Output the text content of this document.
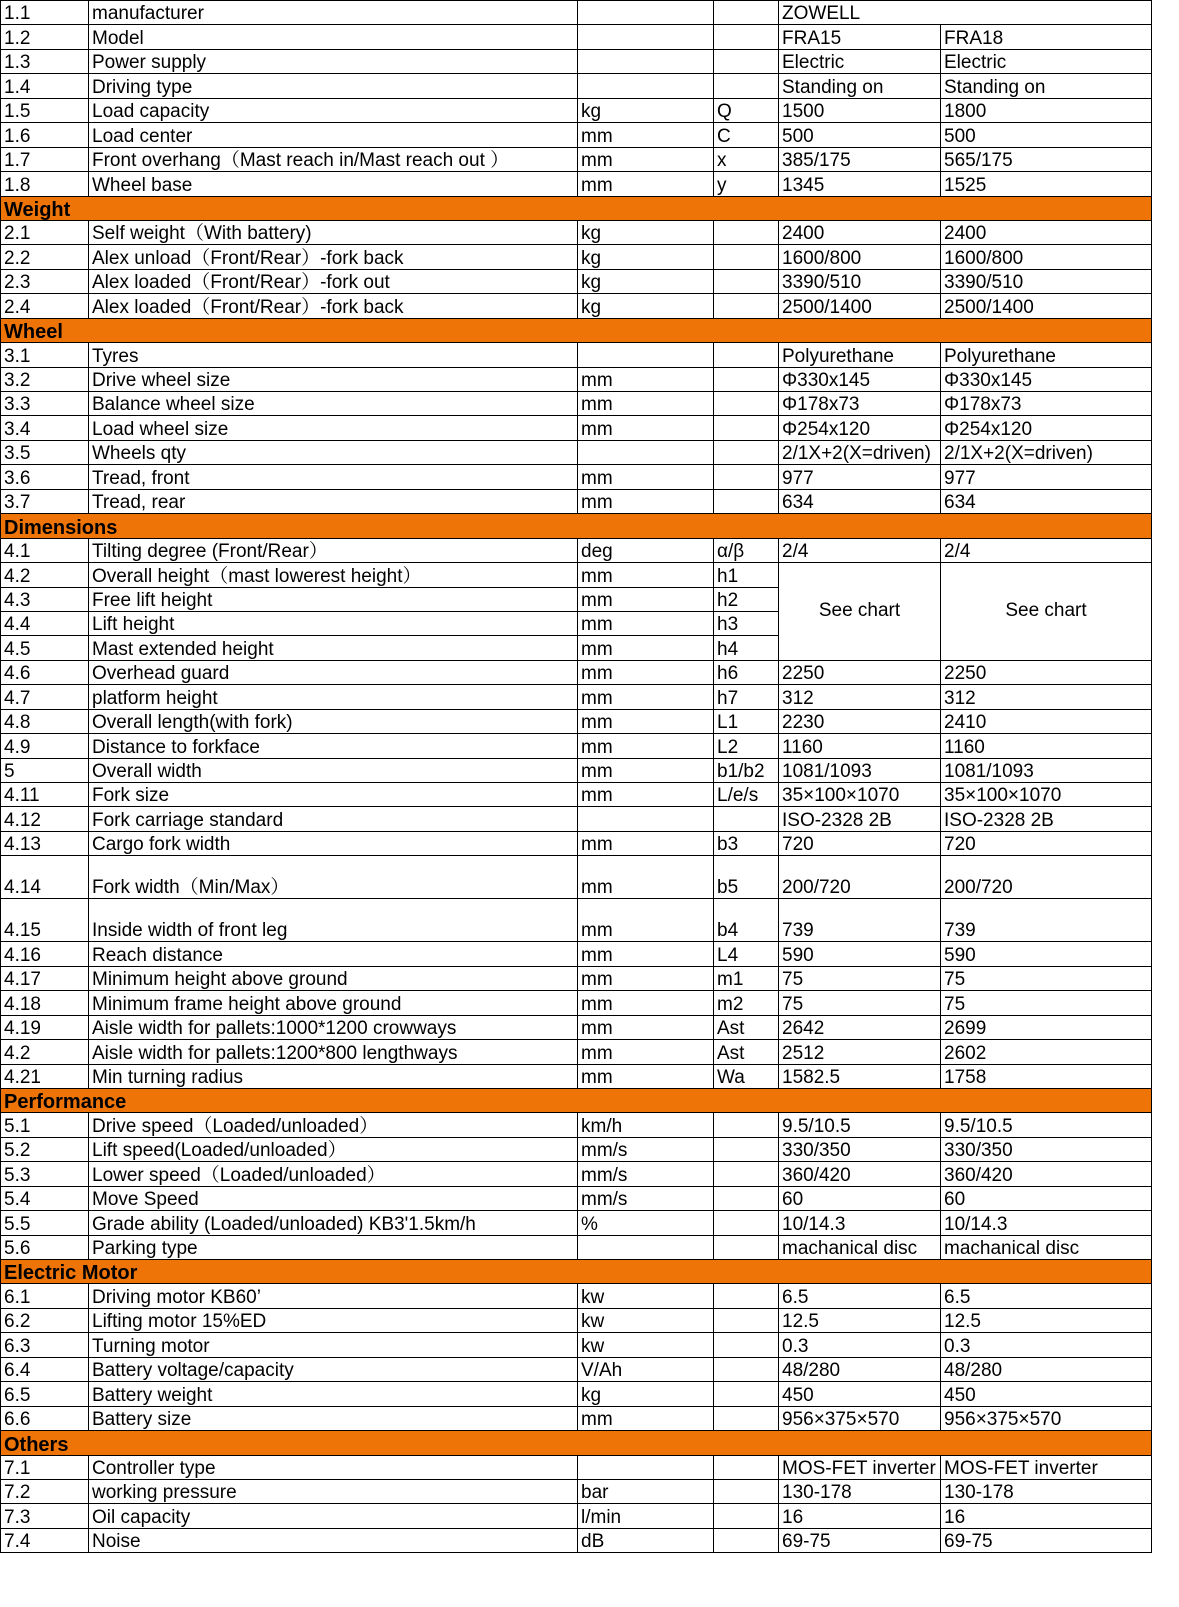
1.1	manufacturer			ZOWELL	
1.2	Model			FRA15	FRA18
1.3	Power supply			Electric	Electric
1.4	Driving type			Standing on	Standing on
1.5	Load capacity	kg	Q	1500	1800
1.6	Load center	mm	C	500	500
1.7	Front overhang（Mast reach in/Mast reach out ）	mm	x	385/175	565/175
1.8	Wheel base	mm	y	1345	1525
Weight					
2.1	Self weight（With battery)	kg		2400	2400
2.2	Alex unload（Front/Rear）-fork back	kg		1600/800	1600/800
2.3	Alex loaded（Front/Rear）-fork out	kg		3390/510	3390/510
2.4	Alex loaded（Front/Rear）-fork back	kg		2500/1400	2500/1400
Wheel					
3.1	Tyres			Polyurethane	Polyurethane
3.2	Drive wheel size	mm		Φ330x145	Φ330x145
3.3	Balance wheel size	mm		Φ178x73	Φ178x73
3.4	Load wheel size	mm		Φ254x120	Φ254x120
3.5	Wheels qty			2/1X+2(X=driven)	2/1X+2(X=driven)
3.6	Tread, front	mm		977	977
3.7	Tread, rear	mm		634	634
Dimensions					
4.1	Tilting degree (Front/Rear）	deg	α/β	2/4	2/4
4.2	Overall height（mast lowerest height）	mm	h1	See chart	See chart
4.3	Free lift height	mm	h2		
4.4	Lift height	mm	h3		
4.5	Mast extended height	mm	h4		
4.6	Overhead guard	mm	h6	2250	2250
4.7	platform height	mm	h7	312	312
4.8	Overall length(with fork)	mm	L1	2230	2410
4.9	Distance to forkface	mm	L2	1160	1160
5	Overall width	mm	b1/b2	1081/1093	1081/1093
4.11	Fork size	mm	L/e/s	35×100×1070	35×100×1070
4.12	Fork carriage standard			ISO-2328 2B	ISO-2328 2B
4.13	Cargo fork width	mm	b3	720	720
4.14	Fork width（Min/Max）	mm	b5	200/720	200/720
4.15	Inside width of front leg	mm	b4	739	739
4.16	Reach distance	mm	L4	590	590
4.17	Minimum height above ground	mm	m1	75	75
4.18	Minimum frame height above ground	mm	m2	75	75
4.19	Aisle width for pallets:1000*1200 crowways	mm	Ast	2642	2699
4.2	Aisle width for pallets:1200*800 lengthways	mm	Ast	2512	2602
4.21	Min turning radius	mm	Wa	1582.5	1758
Performance					
5.1	Drive speed（Loaded/unloaded）	km/h		9.5/10.5	9.5/10.5
5.2	Lift speed(Loaded/unloaded）	mm/s		330/350	330/350
5.3	Lower speed（Loaded/unloaded）	mm/s		360/420	360/420
5.4	Move Speed	mm/s		60	60
5.5	Grade ability (Loaded/unloaded) KB3'1.5km/h	%		10/14.3	10/14.3
5.6	Parking type			machanical disc	machanical disc
Electric Motor					
6.1	Driving motor KB60’	kw		6.5	6.5
6.2	Lifting motor 15%ED	kw		12.5	12.5
6.3	Turning motor	kw		0.3	0.3
6.4	Battery voltage/capacity	V/Ah		48/280	48/280
6.5	Battery weight	kg		450	450
6.6	Battery size	mm		956×375×570	956×375×570
Others					
7.1	Controller type			MOS-FET inverter	MOS-FET inverter
7.2	working pressure	bar		130-178	130-178
7.3	Oil capacity	l/min		16	16
7.4	Noise	dB		69-75	69-75
